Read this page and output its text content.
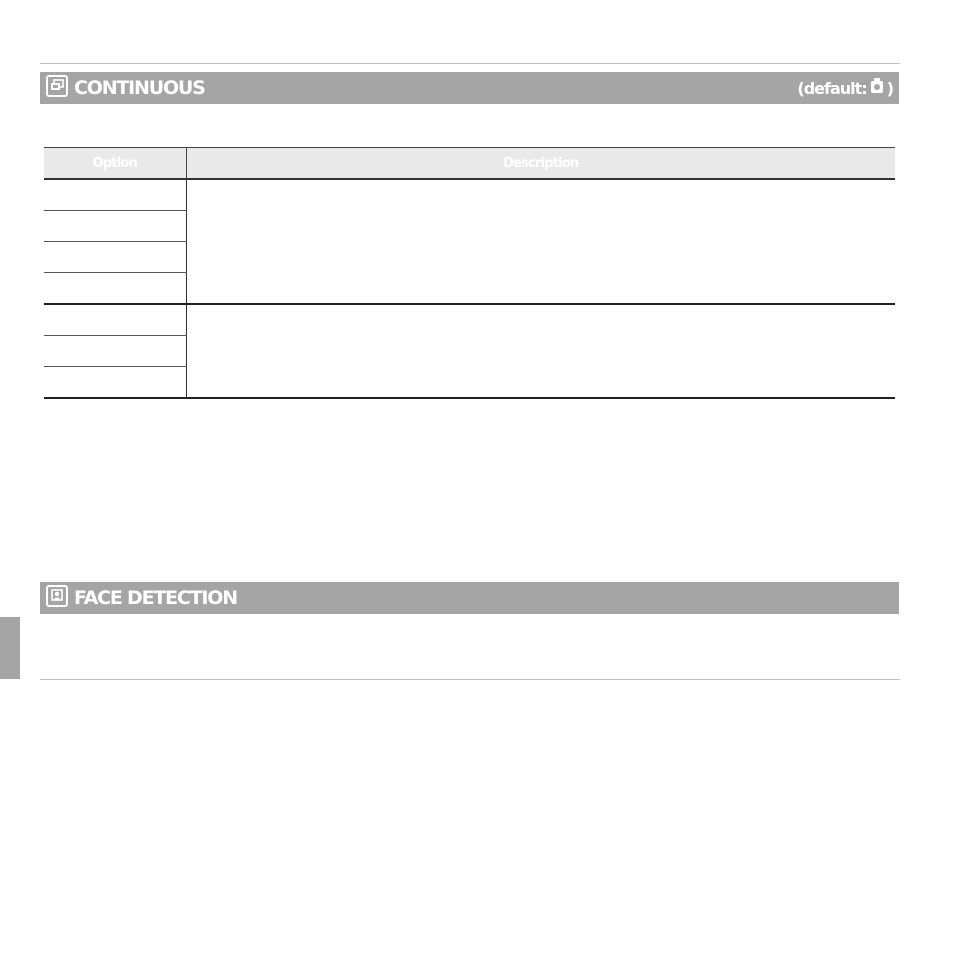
CONTINUOUS	(default: )
Option	Description

FACE DETECTION
